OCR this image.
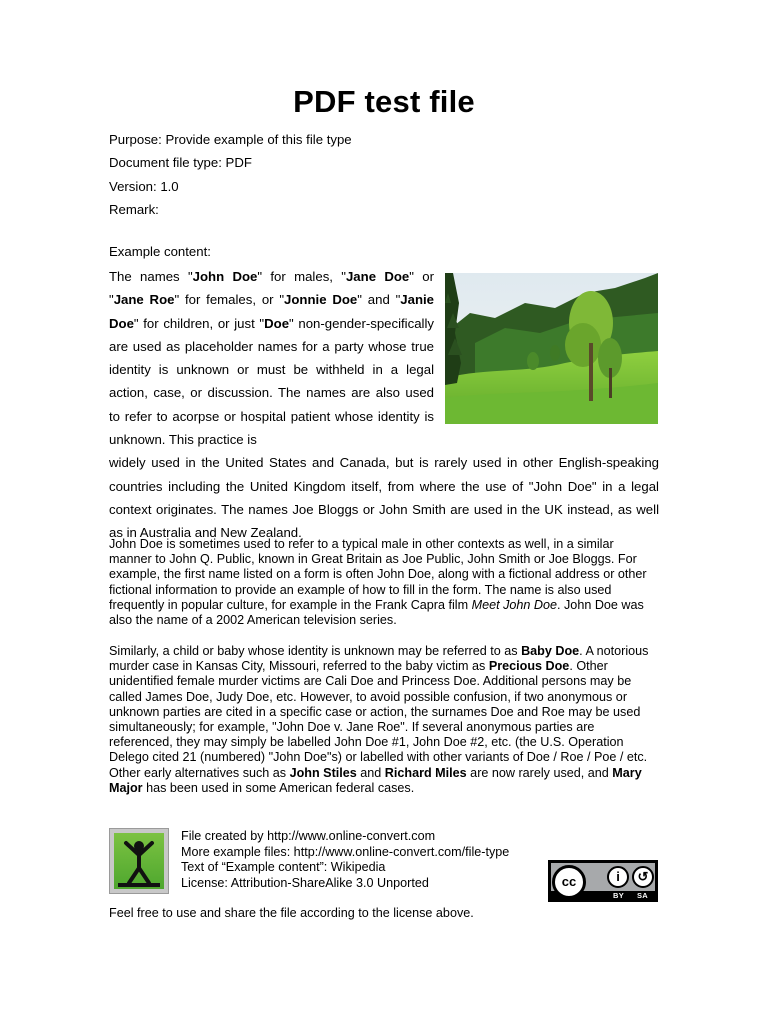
PDF test file
Purpose: Provide example of this file type
Document file type: PDF
Version: 1.0
Remark:
Example content:
The names "John Doe" for males, "Jane Doe" or "Jane Roe" for females, or "Jonnie Doe" and "Janie Doe" for children, or just "Doe" non-gender-specifically are used as placeholder names for a party whose true identity is unknown or must be withheld in a legal action, case, or discussion. The names are also used to refer to acorpse or hospital patient whose identity is unknown. This practice is
widely used in the United States and Canada, but is rarely used in other English-speaking countries including the United Kingdom itself, from where the use of "John Doe" in a legal context originates. The names Joe Bloggs or John Smith are used in the UK instead, as well as in Australia and New Zealand.
John Doe is sometimes used to refer to a typical male in other contexts as well, in a similar manner to John Q. Public, known in Great Britain as Joe Public, John Smith or Joe Bloggs. For example, the first name listed on a form is often John Doe, along with a fictional address or other fictional information to provide an example of how to fill in the form. The name is also used frequently in popular culture, for example in the Frank Capra film Meet John Doe. John Doe was also the name of a 2002 American television series.
Similarly, a child or baby whose identity is unknown may be referred to as Baby Doe. A notorious murder case in Kansas City, Missouri, referred to the baby victim as Precious Doe. Other unidentified female murder victims are Cali Doe and Princess Doe. Additional persons may be called James Doe, Judy Doe, etc. However, to avoid possible confusion, if two anonymous or unknown parties are cited in a specific case or action, the surnames Doe and Roe may be used simultaneously; for example, "John Doe v. Jane Roe". If several anonymous parties are referenced, they may simply be labelled John Doe #1, John Doe #2, etc. (the U.S. Operation Delego cited 21 (numbered) "John Doe"s) or labelled with other variants of Doe / Roe / Poe / etc. Other early alternatives such as John Stiles and Richard Miles are now rarely used, and Mary Major has been used in some American federal cases.
File created by http://www.online-convert.com
More example files: http://www.online-convert.com/file-type
Text of “Example content”: Wikipedia
License: Attribution-ShareAlike 3.0 Unported	cc	i	↺
BY SA
Feel free to use and share the file according to the license above.
